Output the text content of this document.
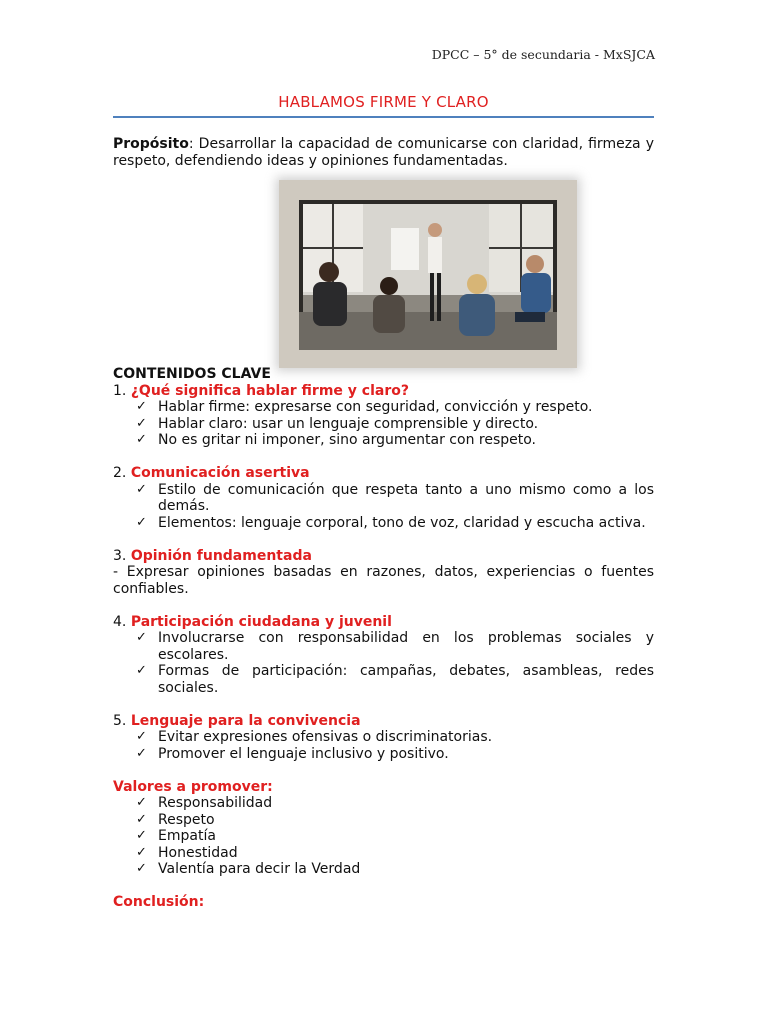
DPCC – 5° de secundaria - MxSJCA
HABLAMOS FIRME Y CLARO
Propósito: Desarrollar la capacidad de comunicarse con claridad, firmeza y respeto, defendiendo ideas y opiniones fundamentadas.
CONTENIDOS CLAVE
1. ¿Qué significa hablar firme y claro?
✓ Hablar firme: expresarse con seguridad, convicción y respeto.
✓ Hablar claro: usar un lenguaje comprensible y directo.
✓ No es gritar ni imponer, sino argumentar con respeto.
2. Comunicación asertiva
✓ Estilo de comunicación que respeta tanto a uno mismo como a los demás.
✓ Elementos: lenguaje corporal, tono de voz, claridad y escucha activa.
3. Opinión fundamentada
- Expresar opiniones basadas en razones, datos, experiencias o fuentes confiables.
4. Participación ciudadana y juvenil
✓ Involucrarse con responsabilidad en los problemas sociales y escolares.
✓ Formas de participación: campañas, debates, asambleas, redes sociales.
5. Lenguaje para la convivencia
✓ Evitar expresiones ofensivas o discriminatorias.
✓ Promover el lenguaje inclusivo y positivo.
Valores a promover:
✓ Responsabilidad
✓ Respeto
✓ Empatía
✓ Honestidad
✓ Valentía para decir la Verdad
Conclusión:
